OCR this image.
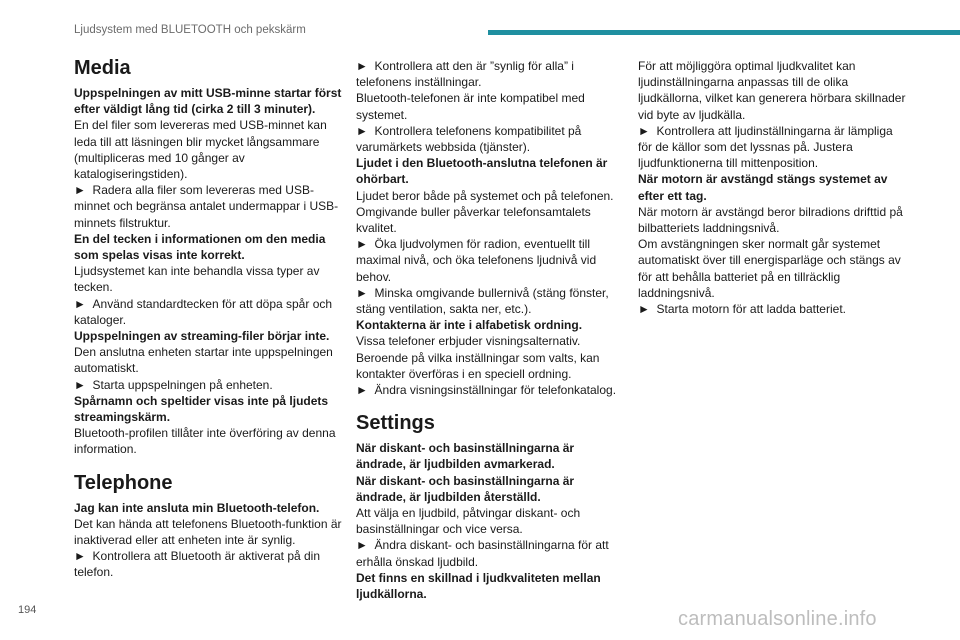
Ljudsystem med BLUETOOTH och pekskärm
Media

Uppspelningen av mitt USB-minne startar först efter väldigt lång tid (cirka 2 till 3 minuter).

En del filer som levereras med USB-minnet kan leda till att läsningen blir mycket långsammare (multipliceras med 10 gånger av katalogiseringstiden).

►  Radera alla filer som levereras med USB-minnet och begränsa antalet undermappar i USB-minnets filstruktur.

En del tecken i informationen om den media som spelas visas inte korrekt.

Ljudsystemet kan inte behandla vissa typer av tecken.

►  Använd standardtecken för att döpa spår och kataloger.

Uppspelningen av streaming-filer börjar inte.

Den anslutna enheten startar inte uppspelningen automatiskt.

►  Starta uppspelningen på enheten.

Spårnamn och speltider visas inte på ljudets streamingskärm.

Bluetooth-profilen tillåter inte överföring av denna information.

Telephone

Jag kan inte ansluta min Bluetooth-telefon.

Det kan hända att telefonens Bluetooth-funktion är inaktiverad eller att enheten inte är synlig.

►  Kontrollera att Bluetooth är aktiverat på din telefon.

►  Kontrollera att den är ”synlig för alla” i telefonens inställningar.

Bluetooth-telefonen är inte kompatibel med systemet.

►  Kontrollera telefonens kompatibilitet på varumärkets webbsida (tjänster).

Ljudet i den Bluetooth-anslutna telefonen är ohörbart.

Ljudet beror både på systemet och på telefonen.

Omgivande buller påverkar telefonsamtalets kvalitet.

►  Öka ljudvolymen för radion, eventuellt till maximal nivå, och öka telefonens ljudnivå vid behov.

►  Minska omgivande bullernivå (stäng fönster, stäng ventilation, sakta ner, etc.).

Kontakterna är inte i alfabetisk ordning.

Vissa telefoner erbjuder visningsalternativ. Beroende på vilka inställningar som valts, kan kontakter överföras i en speciell ordning.

►  Ändra visningsinställningar för telefonkatalog.

Settings

När diskant- och basinställningarna är ändrade, är ljudbilden avmarkerad.

När diskant- och basinställningarna är ändrade, är ljudbilden återställd.

Att välja en ljudbild, påtvingar diskant- och basinställningar och vice versa.

►  Ändra diskant- och basinställningarna för att erhålla önskad ljudbild.

Det finns en skillnad i ljudkvaliteten mellan ljudkällorna.

För att möjliggöra optimal ljudkvalitet kan ljudinställningarna anpassas till de olika ljudkällorna, vilket kan generera hörbara skillnader vid byte av ljudkälla.

►  Kontrollera att ljudinställningarna är lämpliga för de källor som det lyssnas på. Justera ljudfunktionerna till mittenposition.

När motorn är avstängd stängs systemet av efter ett tag.

När motorn är avstängd beror bilradions drifttid på bilbatteriets laddningsnivå.

Om avstängningen sker normalt går systemet automatiskt över till energisparläge och stängs av för att behålla batteriet på en tillräcklig laddningsnivå.

►  Starta motorn för att ladda batteriet.

194	carmanualsonline.info
